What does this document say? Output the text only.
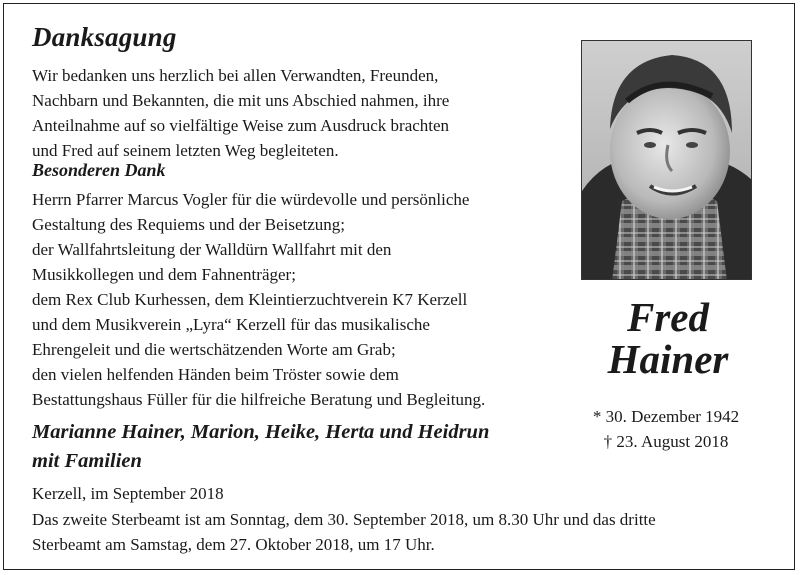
Danksagung

Wir bedanken uns herzlich bei allen Verwandten, Freunden,
Nachbarn und Bekannten, die mit uns Abschied nahmen, ihre
Anteilnahme auf so vielfältige Weise zum Ausdruck brachten
und Fred auf seinem letzten Weg begleiteten.

Besonderen Dank
Herrn Pfarrer Marcus Vogler für die würdevolle und persönliche
Gestaltung des Requiems und der Beisetzung;
der Wallfahrtsleitung der Walldürn Wallfahrt mit den
Musikkollegen und dem Fahnenträger;
dem Rex Club Kurhessen, dem Kleintierzuchtverein K7 Kerzell
und dem Musikverein „Lyra“ Kerzell für das musikalische
Ehrengeleit und die wertschätzenden Worte am Grab;
den vielen helfenden Händen beim Tröster sowie dem
Bestattungshaus Füller für die hilfreiche Beratung und Begleitung.

Marianne Hainer, Marion, Heike, Herta und Heidrun
mit Familien

Kerzell, im September 2018

Das zweite Sterbeamt ist am Sonntag, dem 30. September 2018, um 8.30 Uhr und das dritte
Sterbeamt am Samstag, dem 27. Oktober 2018, um 17 Uhr.

Fred
Hainer
* 30. Dezember 1942
† 23. August 2018
